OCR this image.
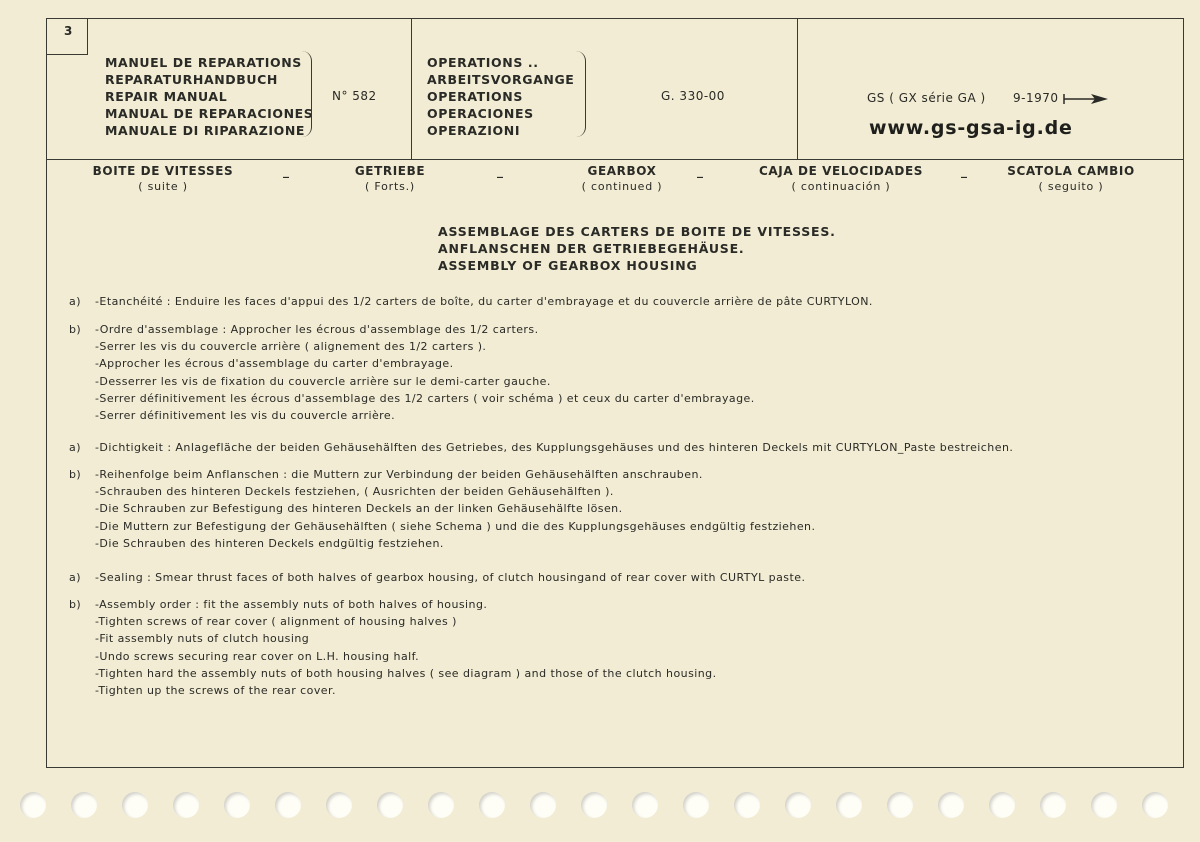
3
MANUEL DE REPARATIONS
REPARATURHANDBUCH
REPAIR MANUAL
MANUAL DE REPARACIONES
MANUALE DI RIPARAZIONE
N° 582
OPERATIONS ..
ARBEITSVORGANGE
OPERATIONS
OPERACIONES
OPERAZIONI
G. 330-00	GS ( GX série GA ) 9-1970
www.gs-gsa-ig.de
BOITE DE VITESSES
( suite )
_	GETRIEBE
( Forts.)
_	GEARBOX
( continued )
_	CAJA DE VELOCIDADES
( continuación )
_	SCATOLA CAMBIO
( seguito )
ASSEMBLAGE DES CARTERS DE BOITE DE VITESSES.
ANFLANSCHEN DER GETRIEBEGEHÄUSE.
ASSEMBLY OF GEARBOX HOUSING
a) -Etanchéité : Enduire les faces d'appui des 1/2 carters de boîte, du carter d'embrayage et du couvercle arrière de pâte CURTYLON.
b) -Ordre d'assemblage : Approcher les écrous d'assemblage des 1/2 carters.
-Serrer les vis du couvercle arrière ( alignement des 1/2 carters ).
-Approcher les écrous d'assemblage du carter d'embrayage.
-Desserrer les vis de fixation du couvercle arrière sur le demi-carter gauche.
-Serrer définitivement les écrous d'assemblage des 1/2 carters ( voir schéma ) et ceux du carter d'embrayage.
-Serrer définitivement les vis du couvercle arrière.
a) -Dichtigkeit : Anlagefläche der beiden Gehäusehälften des Getriebes, des Kupplungsgehäuses und des hinteren Deckels mit CURTYLON_Paste bestreichen.
b) -Reihenfolge beim Anflanschen : die Muttern zur Verbindung der beiden Gehäusehälften anschrauben.
-Schrauben des hinteren Deckels festziehen, ( Ausrichten der beiden Gehäusehälften ).
-Die Schrauben zur Befestigung des hinteren Deckels an der linken Gehäusehälfte lösen.
-Die Muttern zur Befestigung der Gehäusehälften ( siehe Schema ) und die des Kupplungsgehäuses endgültig festziehen.
-Die Schrauben des hinteren Deckels endgültig festziehen.
a) -Sealing : Smear thrust faces of both halves of gearbox housing, of clutch housingand of rear cover with CURTYL paste.
b) -Assembly order : fit the assembly nuts of both halves of housing.
-Tighten screws of rear cover ( alignment of housing halves )
-Fit assembly nuts of clutch housing
-Undo screws securing rear cover on L.H. housing half.
-Tighten hard the assembly nuts of both housing halves ( see diagram ) and those of the clutch housing.
-Tighten up the screws of the rear cover.
